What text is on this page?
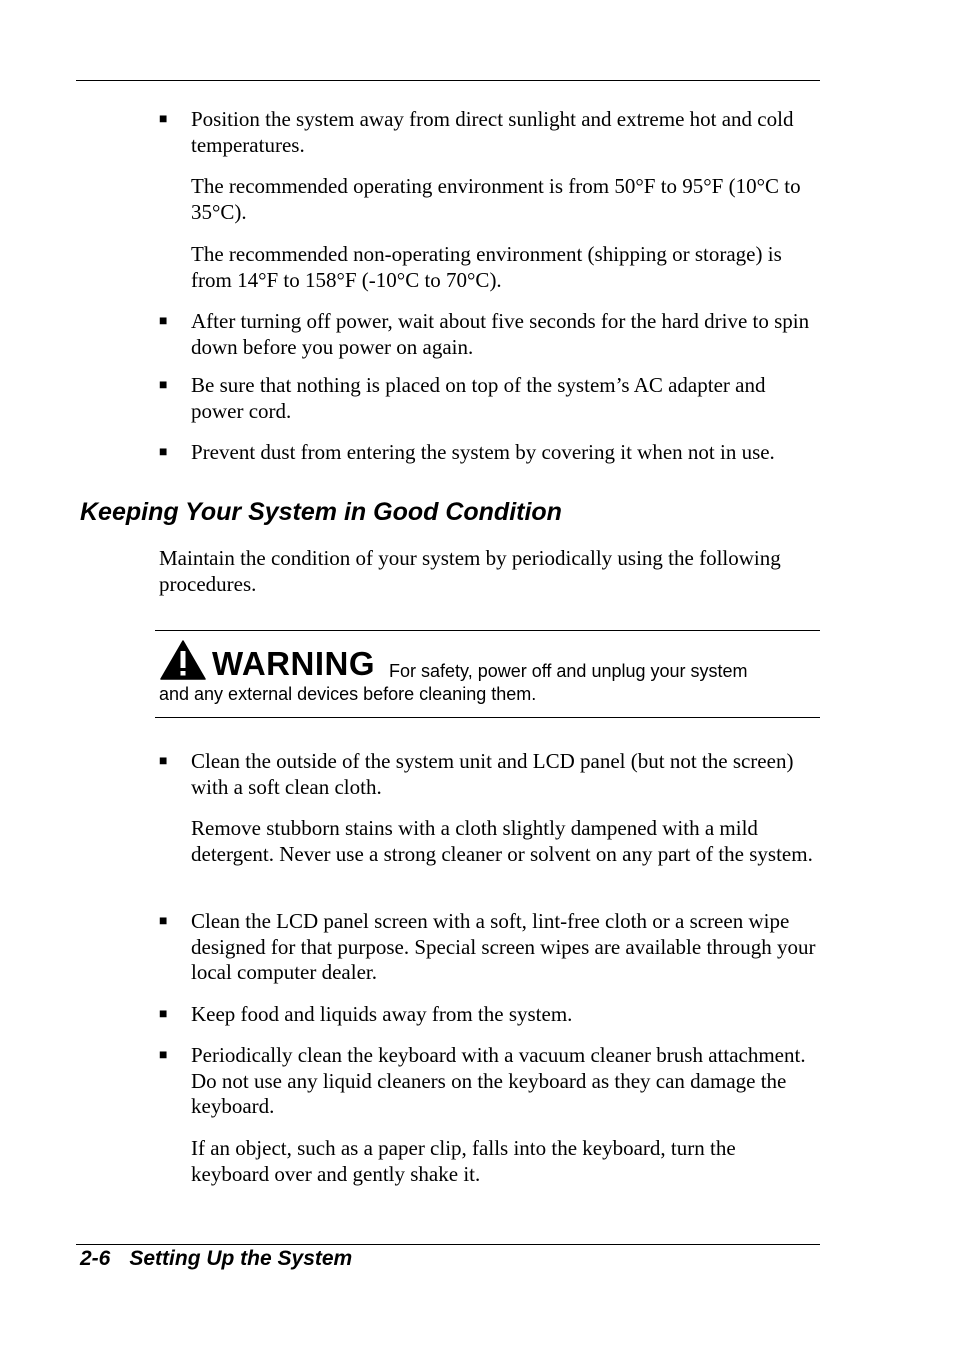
■ Position the system away from direct sunlight and extreme hot and cold temperatures.
The recommended operating environment is from 50°F to 95°F (10°C to 35°C).
The recommended non-operating environment (shipping or storage) is from 14°F to 158°F (-10°C to 70°C).
■ After turning off power, wait about five seconds for the hard drive to spin down before you power on again.
■ Be sure that nothing is placed on top of the system’s AC adapter and power cord.
■ Prevent dust from entering the system by covering it when not in use.
Keeping Your System in Good Condition
Maintain the condition of your system by periodically using the following procedures.
WARNING For safety, power off and unplug your system
and any external devices before cleaning them.
■ Clean the outside of the system unit and LCD panel (but not the screen) with a soft clean cloth.
Remove stubborn stains with a cloth slightly dampened with a mild detergent. Never use a strong cleaner or solvent on any part of the system.
■ Clean the LCD panel screen with a soft, lint-free cloth or a screen wipe designed for that purpose. Special screen wipes are available through your local computer dealer.
■ Keep food and liquids away from the system.
■ Periodically clean the keyboard with a vacuum cleaner brush attachment. Do not use any liquid cleaners on the keyboard as they can damage the keyboard.
If an object, such as a paper clip, falls into the keyboard, turn the keyboard over and gently shake it.
2-6 Setting Up the System
